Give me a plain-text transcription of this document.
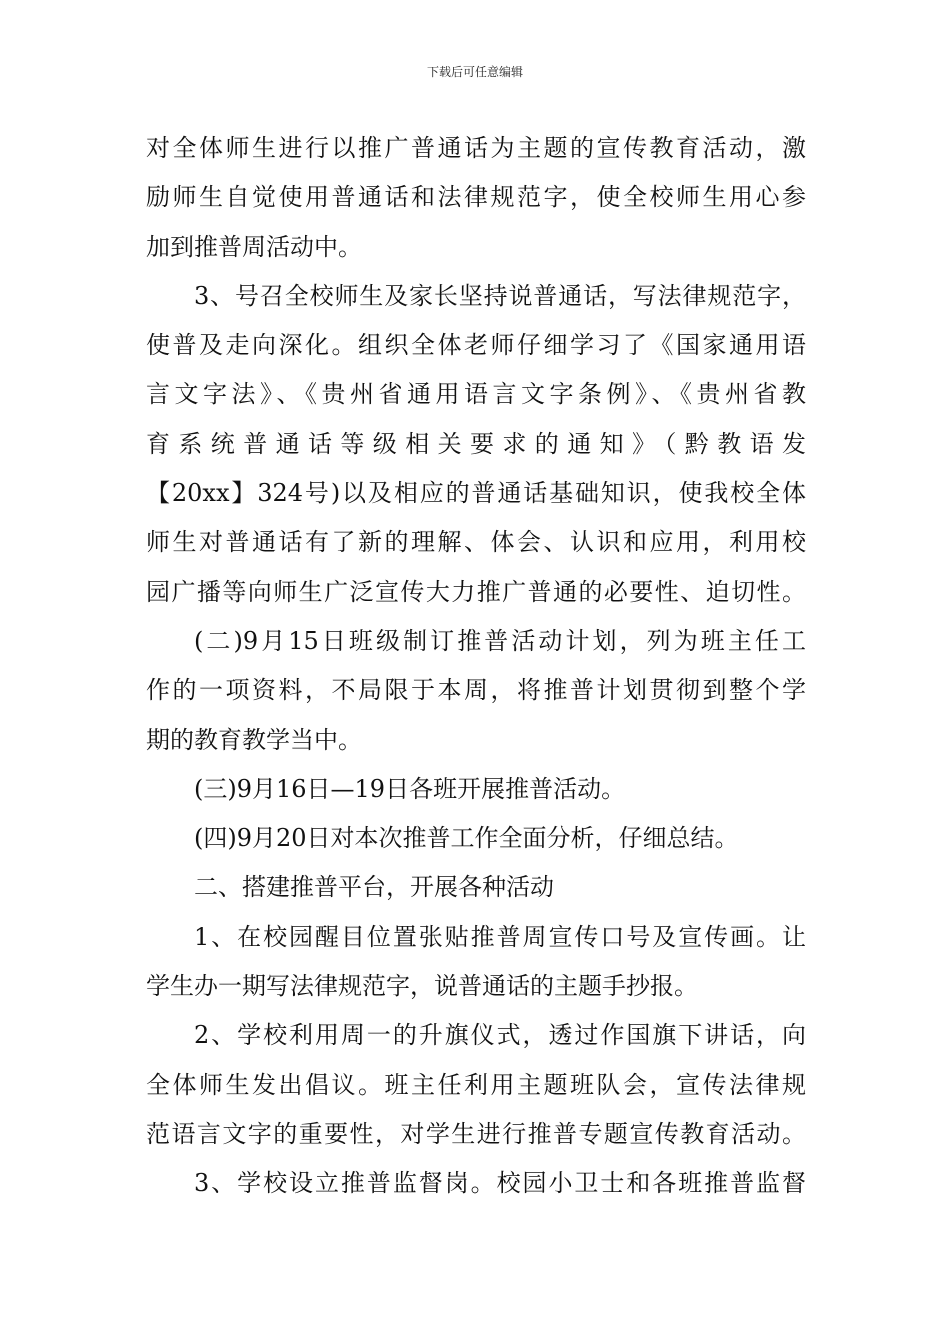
下载后可任意编辑
对全体师生进行以推广普通话为主题的宣传教育活动，激
励师生自觉使用普通话和法律规范字，使全校师生用心参
加到推普周活动中。
3、号召全校师生及家长坚持说普通话，写法律规范字，
使普及走向深化。组织全体老师仔细学习了《国家通用语
言文字法》、《贵州省通用语言文字条例》、《贵州省教
育系统普通话等级相关要求的通知》（黔教语发
【20xx】324号)以及相应的普通话基础知识，使我校全体
师生对普通话有了新的理解、体会、认识和应用，利用校
园广播等向师生广泛宣传大力推广普通的必要性、迫切性。
(二)9月15日班级制订推普活动计划，列为班主任工
作的一项资料，不局限于本周，将推普计划贯彻到整个学
期的教育教学当中。
(三)9月16日—19日各班开展推普活动。
(四)9月20日对本次推普工作全面分析，仔细总结。
二、搭建推普平台，开展各种活动
1、在校园醒目位置张贴推普周宣传口号及宣传画。让
学生办一期写法律规范字，说普通话的主题手抄报。
2、学校利用周一的升旗仪式，透过作国旗下讲话，向
全体师生发出倡议。班主任利用主题班队会，宣传法律规
范语言文字的重要性，对学生进行推普专题宣传教育活动。
3、学校设立推普监督岗。校园小卫士和各班推普监督
